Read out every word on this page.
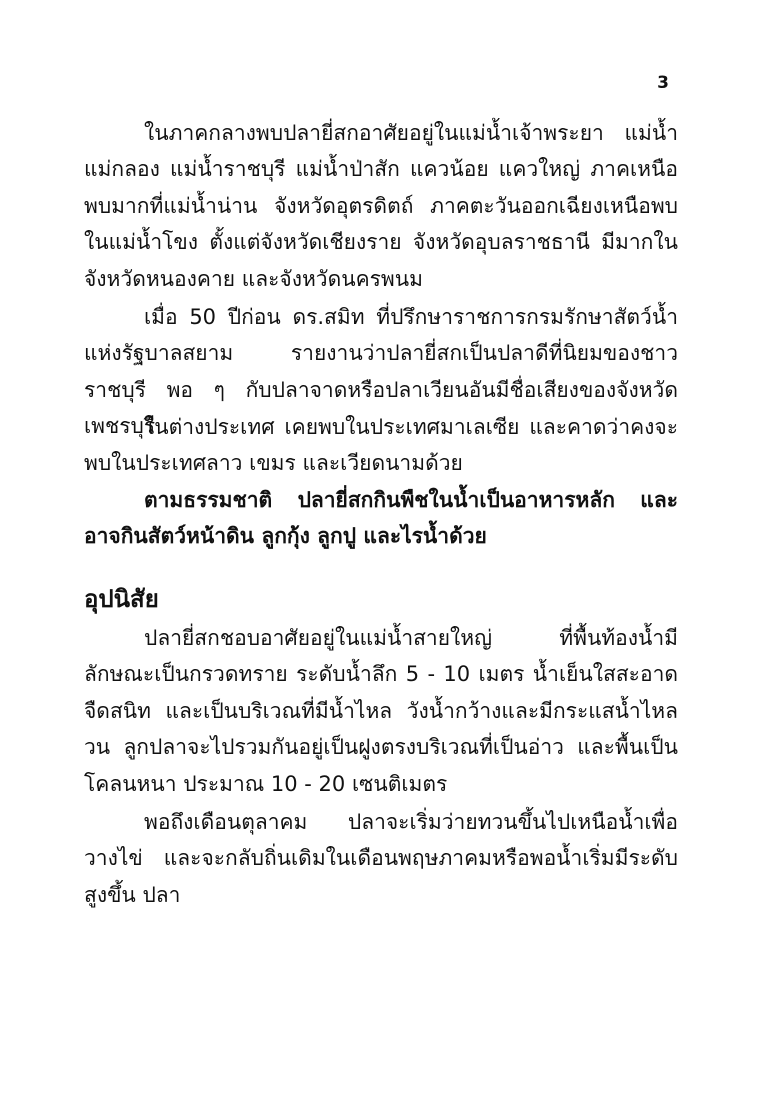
3

ในภาคกลางพบปลายี่สกอาศัยอยู่ในแม่น้ำเจ้าพระยา แม่น้ำแม่กลอง แม่น้ำราชบุรี แม่น้ำป่าสัก แควน้อย แควใหญ่ ภาคเหนือพบมากที่แม่น้ำน่าน จังหวัดอุตรดิตถ์ ภาคตะวันออกเฉียงเหนือพบในแม่น้ำโขง ตั้งแต่จังหวัดเชียงราย จังหวัดอุบลราชธานี มีมากในจังหวัดหนองคาย และจังหวัดนครพนม

เมื่อ 50 ปีก่อน ดร.สมิท ที่ปรึกษาราชการกรมรักษาสัตว์น้ำแห่งรัฐบาลสยาม รายงานว่าปลายี่สกเป็นปลาดีที่นิยมของชาวราชบุรี พอ ๆ กับปลาจาดหรือปลาเวียนอันมีชื่อเสียงของจังหวัดเพชรบุรี

ในต่างประเทศ เคยพบในประเทศมาเลเซีย และคาดว่าคงจะพบในประเทศลาว เขมร และเวียดนามด้วย

ตามธรรมชาติ ปลายี่สกกินพืชในน้ำเป็นอาหารหลัก และอาจกินสัตว์หน้าดิน ลูกกุ้ง ลูกปู และไรน้ำด้วย

อุปนิสัย

ปลายี่สกชอบอาศัยอยู่ในแม่น้ำสายใหญ่ ที่พื้นท้องน้ำมีลักษณะเป็นกรวดทราย ระดับน้ำลึก 5 - 10 เมตร น้ำเย็นใสสะอาด จืดสนิท และเป็นบริเวณที่มีน้ำไหล วังน้ำกว้างและมีกระแสน้ำไหลวน ลูกปลาจะไปรวมกันอยู่เป็นฝูงตรงบริเวณที่เป็นอ่าว และพื้นเป็นโคลนหนา ประมาณ 10 - 20 เซนติเมตร

พอถึงเดือนตุลาคม ปลาจะเริ่มว่ายทวนขึ้นไปเหนือน้ำเพื่อวางไข่ และจะกลับถิ่นเดิมในเดือนพฤษภาคมหรือพอน้ำเริ่มมีระดับสูงขึ้น ปลา
